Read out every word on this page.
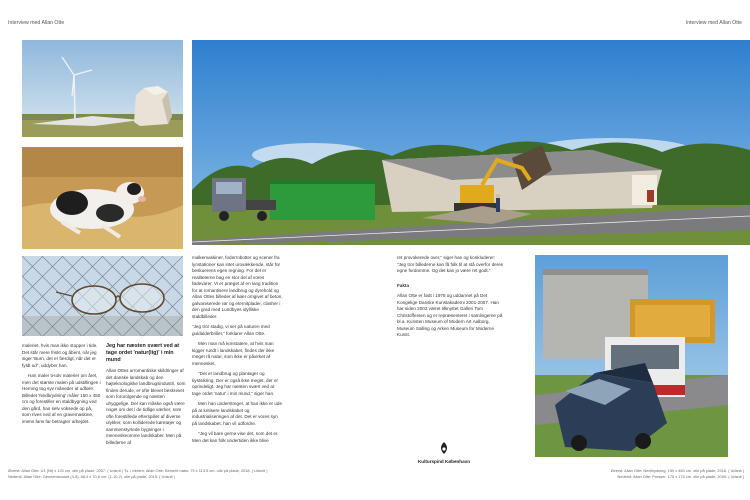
Interview med Allan Otte	Interview med Allan Otte

maleriet, hvis man ikke stopper i tide. Det står mere friskt og åbent, når jeg siger 'Burn, det er færdigt, når det er fyldt ud", uddyber han.

Han maler ti-tolv malerier om året, men det største maleri på udstillingen i Herning tog syv måneder at udføre. Billedet 'Nedbrydning' måler 150 x 450 cm og forestiller en staldbygning ved den gård, han selv voksede op på, som rives ned af en gravemaskine, imens fans far betragter arbejdet.

Jeg har næsten svært ved at tage ordet 'natur(lig)' i min mund

Allan Ottes urromantiske skildringer af det danske landskab og den højteknologiske landbrugsindustri, som findes derude, er ofte blevet beskrevet som forurolgende og næsten uhyggelige. Der kan måske også være noget om det i de tidlige værker, som ofte forestillede efterspillet af diverse ulykker, som kolliderede køretøjer og sammenstyrtede bygninger i menneskeomme landskaber. Men på billederne af

malkemaskiner, foderrobotter og scener fra lynstationer kan intet urovækkende, står for beskuerens egen regning. For det er realiteterne bag en stor del af vores fødevarer. Vi er præget af en lang tradition for at romantisere landbrug og dyrehold og Allan Ottes billeder af køer omgivet af beton, galvaniserede rør og eternitplader, clasher i den grad med Lundbyes idylliske staldbilleder.

"Jeg tror stadig, vi ser på naturen med guldalderbriller," forklarer Allan Otte.

Men man må konstatere, at hvis man kigger rundt i landskabet, findes der ikke meget rå natur, som ikke er påvirket af mennesket.

"Det er landbrug og plantager og kystsikring. Der er også ikke meget, der er oprindeligt. Jeg har næsten svært ved at tage ordet 'natur' i min mund," siger han.

Men han understreger, at han ikke er ude på at kritisere landskabet og industrialiseringen af det. Det er vores syn på landskabet, han vil udfordre.

"Jeg vil bare gerne vise det, som det er. Men det kan folk undertiden ikke blive

ret provokerede over," siger han og konkluderer: "Jeg tror billederne kan få folk til at stå overfor deres egne fordomme. Og det kan jo være ret godt."

Fakta

Allan Otte er født i 1978 og uddannet på Det Kongelige Danske Kunstakademi 2001-2007. Han har siden 2002 været tilknyttet Galleri Tom Christoffersen og er repræsenteret i samlingerne på bl.a. Kunsten Museum of Modern Art Aalborg, Museum Salling og Arken Museum for Moderne Kunst.

Kulturspind København
Øverst: Allan Otte: U1 (Nt) x 120 cm. olie på plade, 2007. ( Udsnit ) Tv. i midten: Allan Otte: Berserk natur. 75 x 113,5 cm. olie på plade, 2018. ( Udsnit )
Nederst: Allan Otte: Gennemsnuset (4-5). 88,4 x 70,8 cm. (1-10.2). olie på plade, 2015. ( Udsnit )
Øverst: Allan Otte: Nedbrydning. 150 x 450 cm. olie på plade, 2016. ( Udsnit )
Nederst: Allan Otte: Presser. 175 x 175 cm. olie på plade, 2009. ( Udsnit )
